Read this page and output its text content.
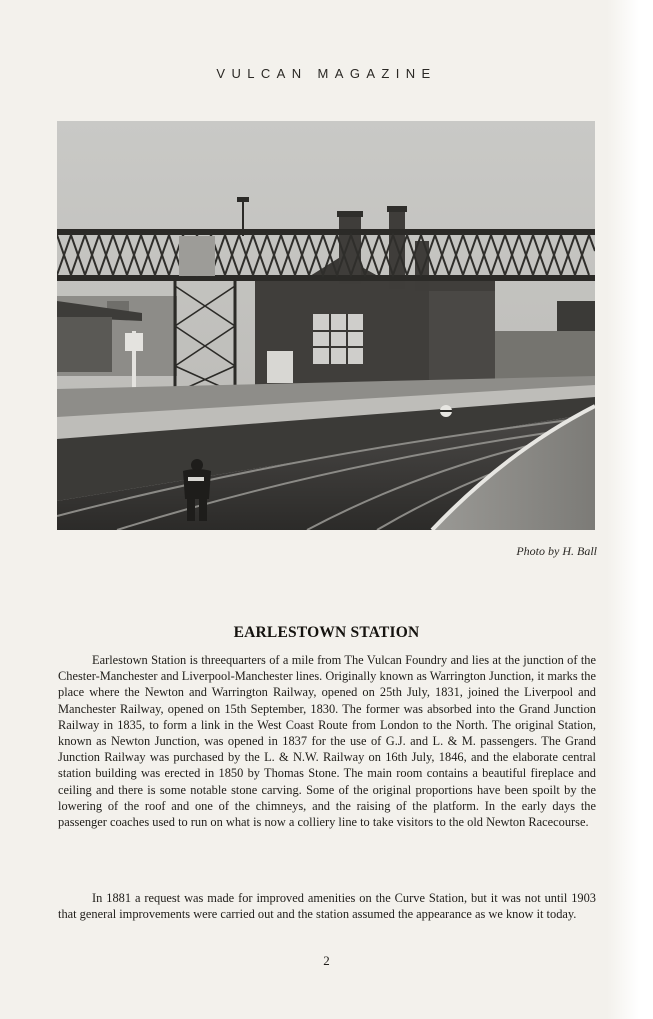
VULCAN MAGAZINE
Photo by H. Ball
EARLESTOWN STATION

Earlestown Station is threequarters of a mile from The Vulcan Foundry and lies at the junction of the Chester-Manchester and Liverpool-Manchester lines. Originally known as Warrington Junction, it marks the place where the Newton and Warrington Railway, opened on 25th July, 1831, joined the Liverpool and Manchester Railway, opened on 15th September, 1830. The former was absorbed into the Grand Junction Railway in 1835, to form a link in the West Coast Route from London to the North. The original Station, known as Newton Junction, was opened in 1837 for the use of G.J. and L. & M. passengers. The Grand Junction Railway was purchased by the L. & N.W. Railway on 16th July, 1846, and the elaborate central station building was erected in 1850 by Thomas Stone. The main room contains a beautiful fireplace and ceiling and there is some notable stone carving. Some of the original proportions have been spoilt by the lowering of the roof and one of the chimneys, and the raising of the platform. In the early days the passenger coaches used to run on what is now a colliery line to take visitors to the old Newton Racecourse.

In 1881 a request was made for improved amenities on the Curve Station, but it was not until 1903 that general improvements were carried out and the station assumed the appearance as we know it today.

2
